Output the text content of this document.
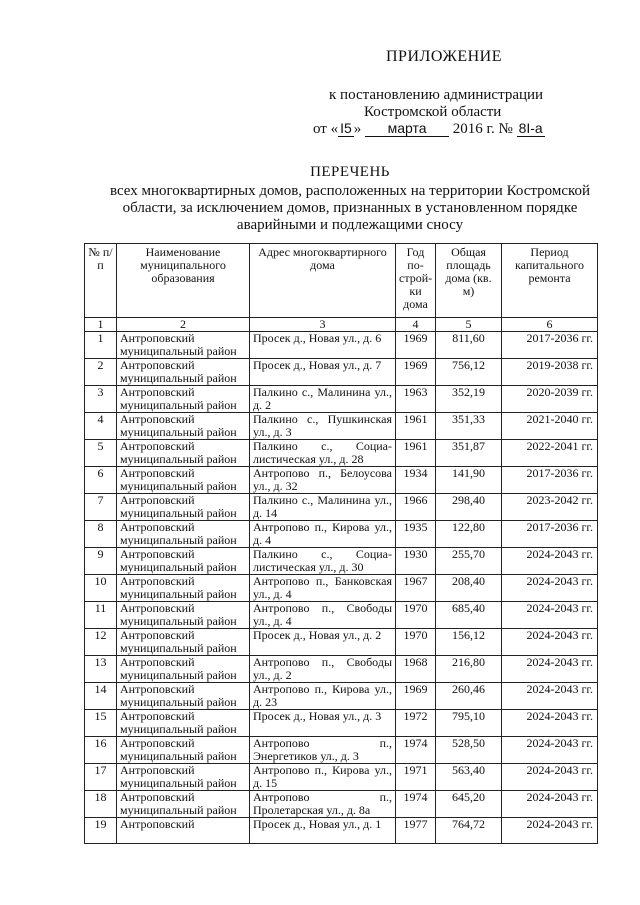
ПРИЛОЖЕНИЕ
к постановлению администрации
Костромской области
от « I5 » марта 2016 г. № 8I-а
ПЕРЕЧЕНЬ
всех многоквартирных домов, расположенных на территории Костромской
области, за исключением домов, признанных в установленном порядке
аварийными и подлежащими сносу
№ п/п	Наименование муниципального образования	Адрес многоквартирного дома	Год по-строй-ки дома	Общая площадь дома (кв. м)	Период капитального ремонта
1	2	3	4	5	6
1	Антроповский муниципальный район	Просек д., Новая ул., д. 6	1969	811,60	2017-2036 гг.
2	Антроповский муниципальный район	Просек д., Новая ул., д. 7	1969	756,12	2019-2038 гг.
3	Антроповский муниципальный район	Палкино с., Малинина ул., д. 2	1963	352,19	2020-2039 гг.
4	Антроповский муниципальный район	Палкино с., Пушкинская ул., д. 3	1961	351,33	2021-2040 гг.
5	Антроповский муниципальный район	Палкино с., Социа-листическая ул., д. 28	1961	351,87	2022-2041 гг.
6	Антроповский муниципальный район	Антропово п., Белоусова ул., д. 32	1934	141,90	2017-2036 гг.
7	Антроповский муниципальный район	Палкино с., Малинина ул., д. 14	1966	298,40	2023-2042 гг.
8	Антроповский муниципальный район	Антропово п., Кирова ул., д. 4	1935	122,80	2017-2036 гг.
9	Антроповский муниципальный район	Палкино с., Социа-листическая ул., д. 30	1930	255,70	2024-2043 гг.
10	Антроповский муниципальный район	Антропово п., Банковская ул., д. 4	1967	208,40	2024-2043 гг.
11	Антроповский муниципальный район	Антропово п., Свободы ул., д. 4	1970	685,40	2024-2043 гг.
12	Антроповский муниципальный район	Просек д., Новая ул., д. 2	1970	156,12	2024-2043 гг.
13	Антроповский муниципальный район	Антропово п., Свободы ул., д. 2	1968	216,80	2024-2043 гг.
14	Антроповский муниципальный район	Антропово п., Кирова ул., д. 23	1969	260,46	2024-2043 гг.
15	Антроповский муниципальный район	Просек д., Новая ул., д. 3	1972	795,10	2024-2043 гг.
16	Антроповский муниципальный район	Антропово п., Энергетиков ул., д. 3	1974	528,50	2024-2043 гг.
17	Антроповский муниципальный район	Антропово п., Кирова ул., д. 15	1971	563,40	2024-2043 гг.
18	Антроповский муниципальный район	Антропово п., Пролетарская ул., д. 8а	1974	645,20	2024-2043 гг.
19	Антроповский	Просек д., Новая ул., д. 1	1977	764,72	2024-2043 гг.
